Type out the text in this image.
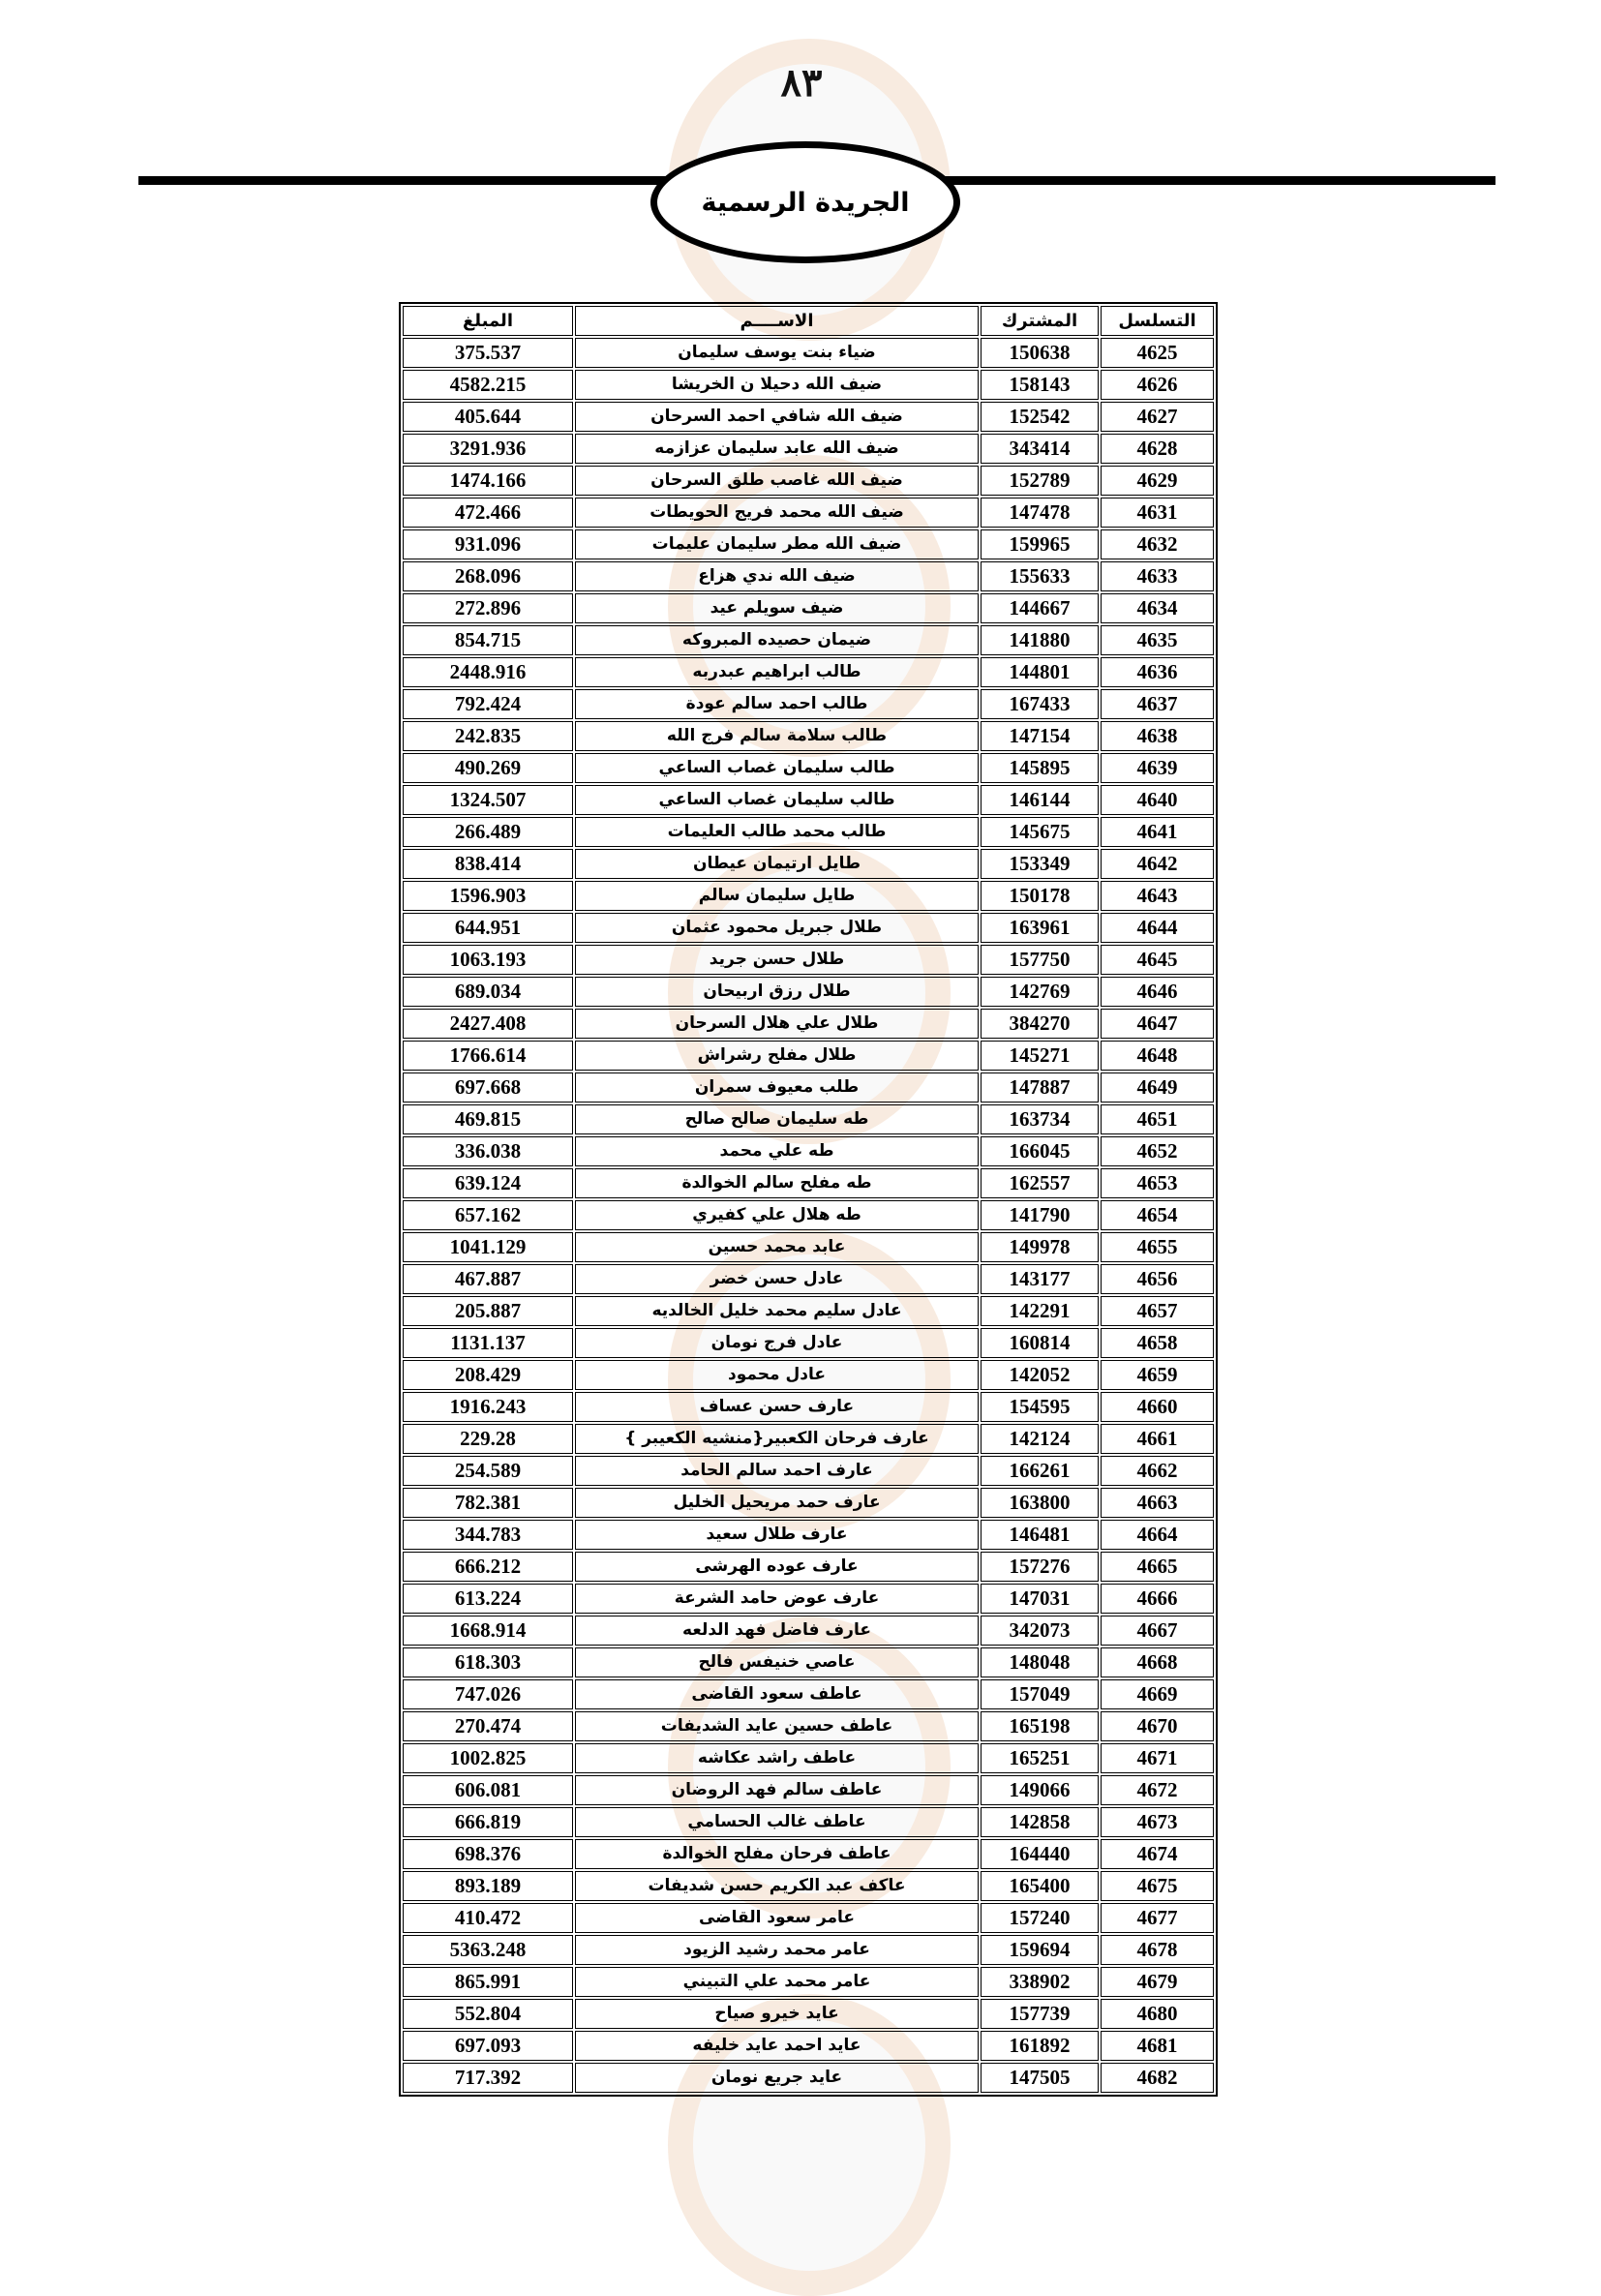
٨٣
الجريدة الرسمية
التسلسل	المشترك	الاســــم	المبلغ
4625	150638	ضياء بنت يوسف سليمان	375.537
4626	158143	ضيف الله دحيلا ن الخريشا	4582.215
4627	152542	ضيف الله شافي احمد السرحان	405.644
4628	343414	ضيف الله عابد سليمان عزازمه	3291.936
4629	152789	ضيف الله غاصب طلق السرحان	1474.166
4631	147478	ضيف الله محمد فريج الحويطات	472.466
4632	159965	ضيف الله مطر سليمان عليمات	931.096
4633	155633	ضيف الله ندي هزاع	268.096
4634	144667	ضيف سويلم عيد	272.896
4635	141880	ضيمان حصيده المبروكه	854.715
4636	144801	طالب ابراهيم عبدربه	2448.916
4637	167433	طالب احمد سالم عودة	792.424
4638	147154	طالب سلامة سالم فرج الله	242.835
4639	145895	طالب سليمان غصاب الساعي	490.269
4640	146144	طالب سليمان غصاب الساعي	1324.507
4641	145675	طالب محمد طالب العليمات	266.489
4642	153349	طايل ارتيمان عيطان	838.414
4643	150178	طايل سليمان سالم	1596.903
4644	163961	طلال جبريل محمود عثمان	644.951
4645	157750	طلال حسن جريد	1063.193
4646	142769	طلال رزق اربيحان	689.034
4647	384270	طلال علي هلال السرحان	2427.408
4648	145271	طلال مفلح رشراش	1766.614
4649	147887	طلب معيوف سمران	697.668
4651	163734	طه سليمان صالح صالح	469.815
4652	166045	طه علي محمد	336.038
4653	162557	طه مفلح سالم الخوالدة	639.124
4654	141790	طه هلال علي كفيري	657.162
4655	149978	عابد محمد حسين	1041.129
4656	143177	عادل حسن خضر	467.887
4657	142291	عادل سليم محمد خليل الخالديه	205.887
4658	160814	عادل فرج نومان	1131.137
4659	142052	عادل محمود	208.429
4660	154595	عارف حسن عساف	1916.243
4661	142124	عارف فرحان الكعبير{منشيه الكعيبر }	229.28
4662	166261	عارف احمد سالم الحامد	254.589
4663	163800	عارف حمد مريحيل الخليل	782.381
4664	146481	عارف طلال سعيد	344.783
4665	157276	عارف عوده الهرشى	666.212
4666	147031	عارف عوض حامد الشرعة	613.224
4667	342073	عارف فاضل فهد الدلعه	1668.914
4668	148048	عاصي خنيفس فالح	618.303
4669	157049	عاطف سعود القاضى	747.026
4670	165198	عاطف حسين عايد الشديفات	270.474
4671	165251	عاطف راشد عكاشه	1002.825
4672	149066	عاطف سالم فهد الروضان	606.081
4673	142858	عاطف غالب الحسامي	666.819
4674	164440	عاطف فرحان مفلح الخوالدة	698.376
4675	165400	عاكف عبد الكريم حسن شديفات	893.189
4677	157240	عامر سعود القاضى	410.472
4678	159694	عامر محمد رشيد الزيود	5363.248
4679	338902	عامر محمد علي التبيني	865.991
4680	157739	عايد خيرو صياح	552.804
4681	161892	عايد احمد عايد خليفه	697.093
4682	147505	عايد جريع نومان	717.392
